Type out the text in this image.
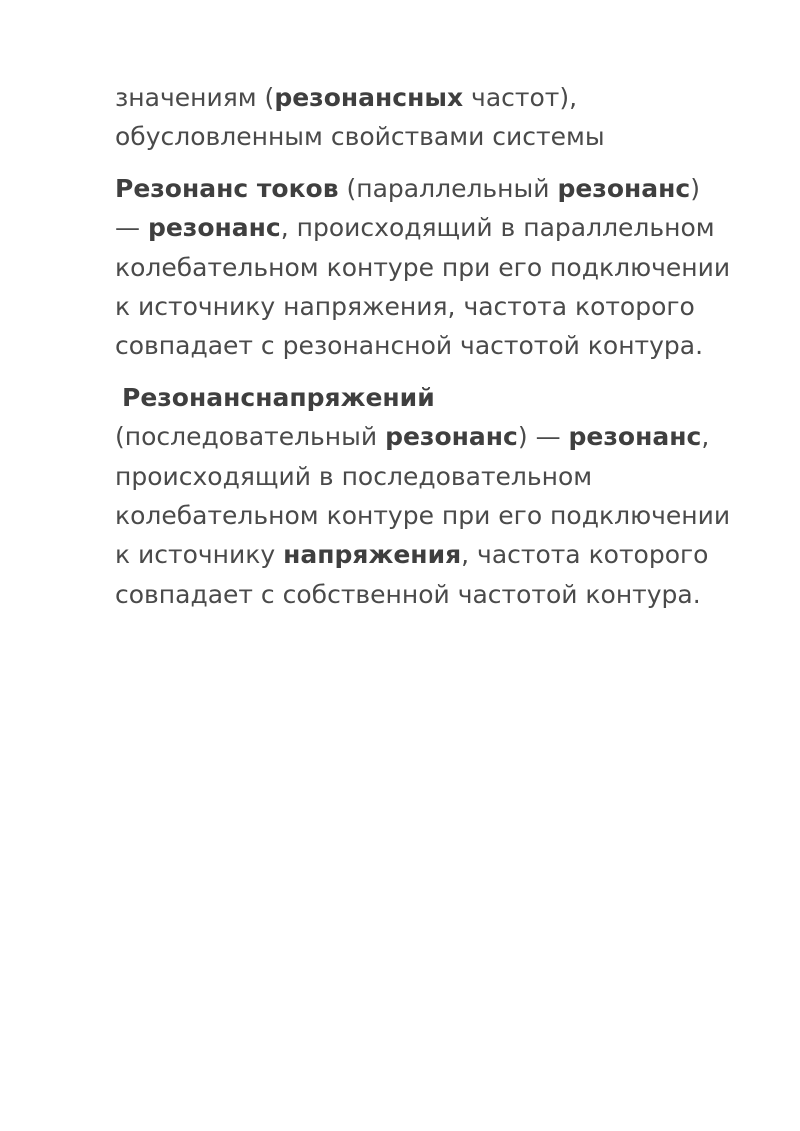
значениям (резонансных частот),
обусловленным свойствами системы

Резонанс токов (параллельный резонанс)
— резонанс, происходящий в параллельном
колебательном контуре при его подключении
к источнику напряжения, частота которого
совпадает с резонансной частотой контура.

Резонанснапряжений
(последовательный резонанс) — резонанс,
происходящий в последовательном
колебательном контуре при его подключении
к источнику напряжения, частота которого
совпадает с собственной частотой контура.
